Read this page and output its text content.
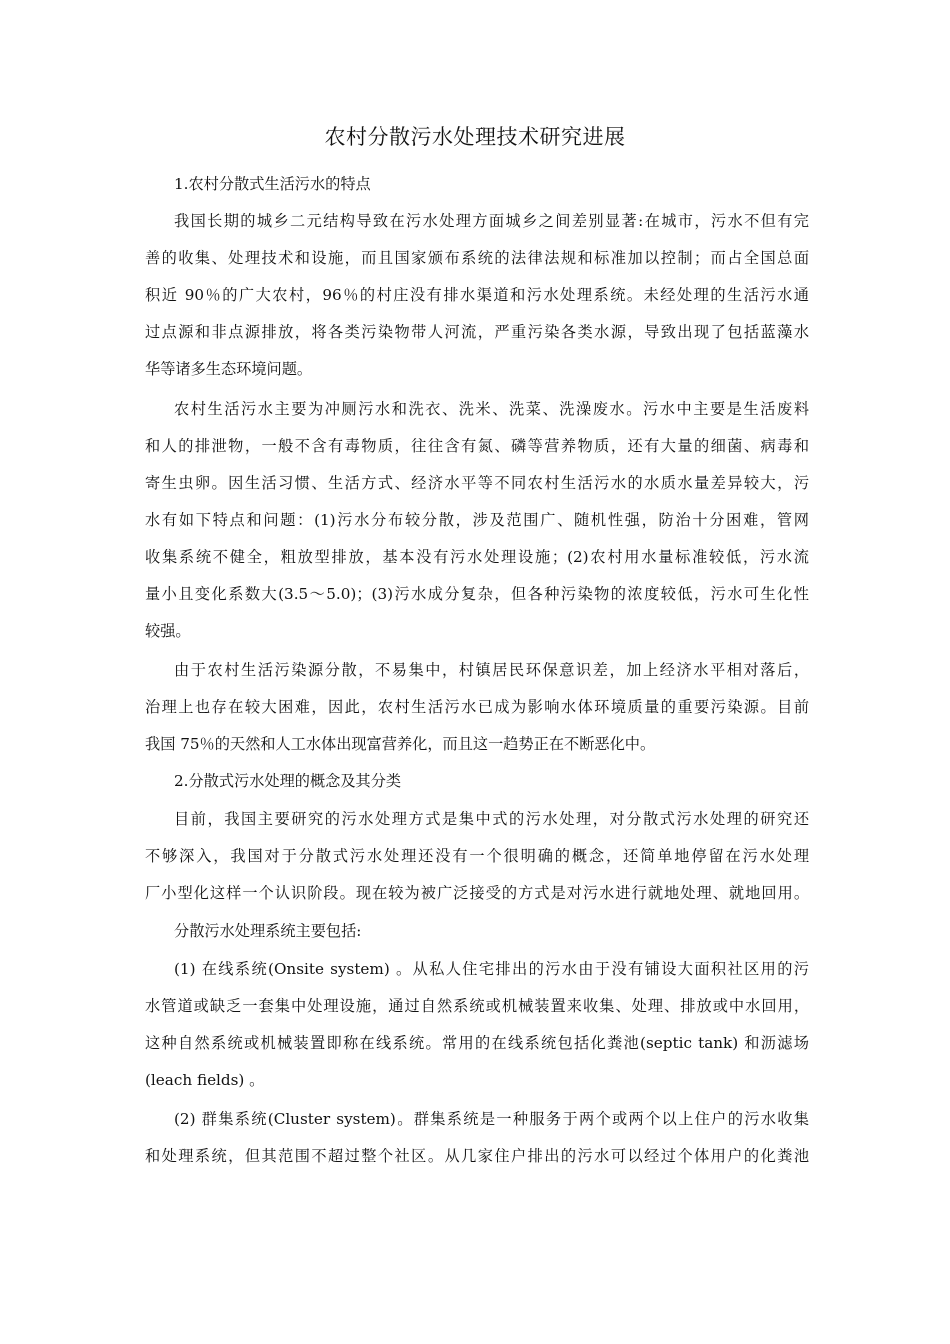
农村分散污水处理技术研究进展
1.农村分散式生活污水的特点
我国长期的城乡二元结构导致在污水处理方面城乡之间差别显著:在城市，污水不但有完
善的收集、处理技术和设施，而且国家颁布系统的法律法规和标准加以控制；而占全国总面
积近 90％的广大农村，96％的村庄没有排水渠道和污水处理系统。未经处理的生活污水通
过点源和非点源排放，将各类污染物带人河流，严重污染各类水源，导致出现了包括蓝藻水
华等诸多生态环境问题。
农村生活污水主要为冲厕污水和洗衣、洗米、洗菜、洗澡废水。污水中主要是生活废料
和人的排泄物，一般不含有毒物质，往往含有氮、磷等营养物质，还有大量的细菌、病毒和
寄生虫卵。因生活习惯、生活方式、经济水平等不同农村生活污水的水质水量差异较大，污
水有如下特点和问题：(1)污水分布较分散，涉及范围广、随机性强，防治十分困难，管网
收集系统不健全，粗放型排放，基本没有污水处理设施；(2)农村用水量标准较低，污水流
量小且变化系数大(3.5～5.0)；(3)污水成分复杂，但各种污染物的浓度较低，污水可生化性
较强。
由于农村生活污染源分散，不易集中，村镇居民环保意识差，加上经济水平相对落后，
治理上也存在较大困难，因此，农村生活污水已成为影响水体环境质量的重要污染源。目前
我国 75％的天然和人工水体出现富营养化，而且这一趋势正在不断恶化中。
2.分散式污水处理的概念及其分类
目前，我国主要研究的污水处理方式是集中式的污水处理，对分散式污水处理的研究还
不够深入，我国对于分散式污水处理还没有一个很明确的概念，还简单地停留在污水处理
厂小型化这样一个认识阶段。现在较为被广泛接受的方式是对污水进行就地处理、就地回用。
分散污水处理系统主要包括:
(1) 在线系统(Onsite system) 。从私人住宅排出的污水由于没有铺设大面积社区用的污
水管道或缺乏一套集中处理设施，通过自然系统或机械装置来收集、处理、排放或中水回用，
这种自然系统或机械装置即称在线系统。常用的在线系统包括化粪池(septic tank) 和沥滤场
(leach fields) 。
(2) 群集系统(Cluster system)。群集系统是一种服务于两个或两个以上住户的污水收集
和处理系统，但其范围不超过整个社区。从几家住户排出的污水可以经过个体用户的化粪池
